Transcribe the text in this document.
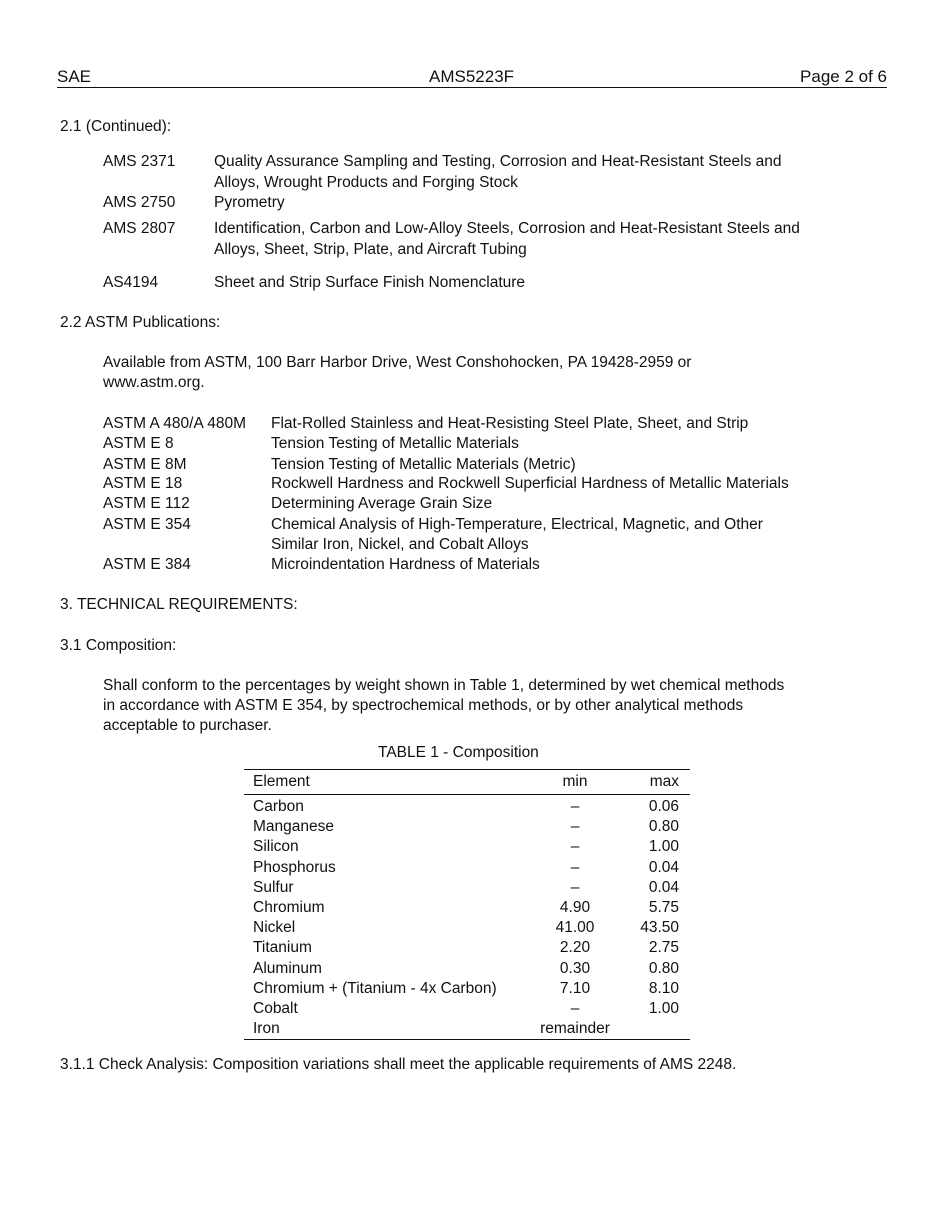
SAE	AMS5223F	Page 2 of 6
2.1 (Continued):
AMS 2371 Quality Assurance Sampling and Testing, Corrosion and Heat-Resistant Steels and
Alloys, Wrought Products and Forging Stock
AMS 2750 Pyrometry
AMS 2807 Identification, Carbon and Low-Alloy Steels, Corrosion and Heat-Resistant Steels and
Alloys, Sheet, Strip, Plate, and Aircraft Tubing
AS4194	Sheet and Strip Surface Finish Nomenclature
2.2 ASTM Publications:
Available from ASTM, 100 Barr Harbor Drive, West Conshohocken, PA 19428-2959 or
www.astm.org.
ASTM A 480/A 480M Flat-Rolled Stainless and Heat-Resisting Steel Plate, Sheet, and Strip
ASTM E 8	Tension Testing of Metallic Materials
ASTM E 8M	Tension Testing of Metallic Materials (Metric)
ASTM E 18	Rockwell Hardness and Rockwell Superficial Hardness of Metallic Materials
ASTM E 112	Determining Average Grain Size
ASTM E 354	Chemical Analysis of High-Temperature, Electrical, Magnetic, and Other
Similar Iron, Nickel, and Cobalt Alloys
ASTM E 384	Microindentation Hardness of Materials
3. TECHNICAL REQUIREMENTS:
3.1 Composition:
Shall conform to the percentages by weight shown in Table 1, determined by wet chemical methods
in accordance with ASTM E 354, by spectrochemical methods, or by other analytical methods
acceptable to purchaser.
TABLE 1 - Composition
Element	min	max
Carbon	–	0.06
Manganese	–	0.80
Silicon	–	1.00
Phosphorus	–	0.04
Sulfur	–	0.04
Chromium	4.90	5.75
Nickel	41.00	43.50
Titanium	2.20	2.75
Aluminum	0.30	0.80
Chromium + (Titanium - 4x Carbon)	7.10	8.10
Cobalt	–	1.00
Iron	remainder	
3.1.1 Check Analysis: Composition variations shall meet the applicable requirements of AMS 2248.
